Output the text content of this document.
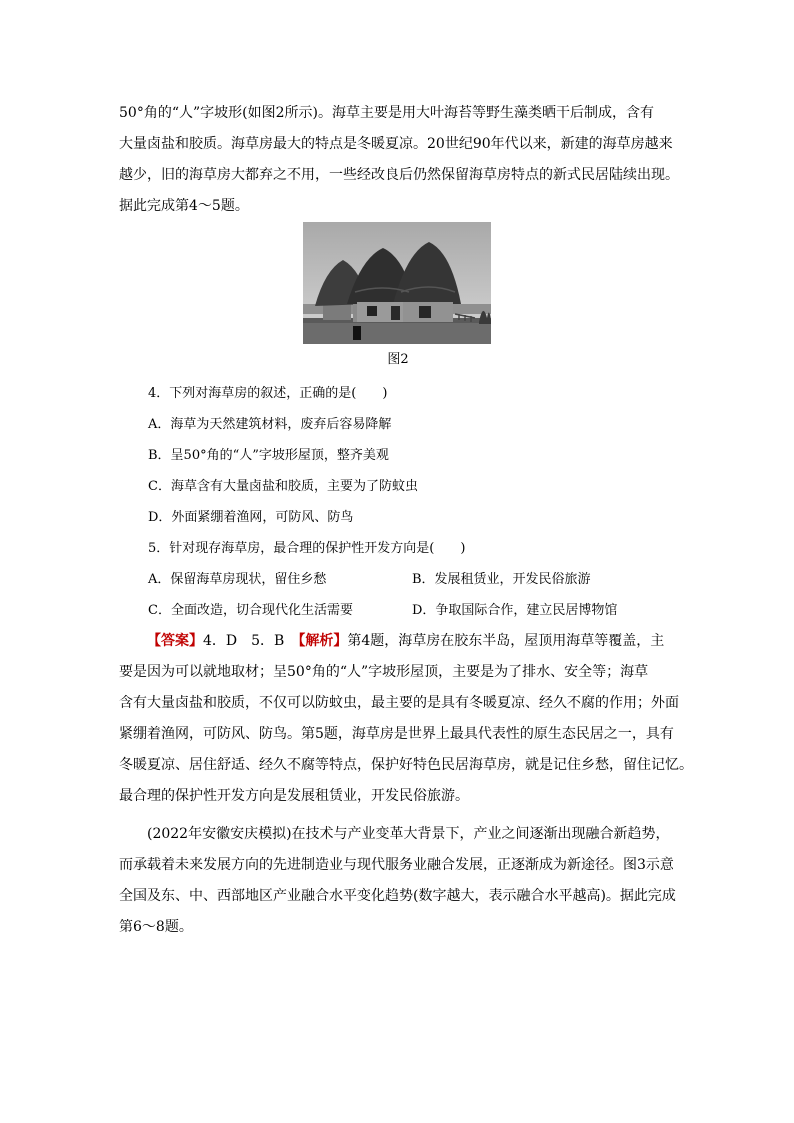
50°角的“人”字坡形(如图2所示)。海草主要是用大叶海苔等野生藻类晒干后制成，含有
大量卤盐和胶质。海草房最大的特点是冬暖夏凉。20世纪90年代以来，新建的海草房越来
越少，旧的海草房大都弃之不用，一些经改良后仍然保留海草房特点的新式民居陆续出现。
据此完成第4～5题。
图2
4．下列对海草房的叙述，正确的是(　　)
A．海草为天然建筑材料，废弃后容易降解
B．呈50°角的“人”字坡形屋顶，整齐美观
C．海草含有大量卤盐和胶质，主要为了防蚊虫
D．外面紧绷着渔网，可防风、防鸟
5．针对现存海草房，最合理的保护性开发方向是(　　)
A．保留海草房现状，留住乡愁	B．发展租赁业，开发民俗旅游
C．全面改造，切合现代化生活需要	D．争取国际合作，建立民居博物馆
【答案】4．D　5．B　 【解析】第4题，海草房在胶东半岛，屋顶用海草等覆盖，主
要是因为可以就地取材；呈50°角的“人”字坡形屋顶，主要是为了排水、安全等；海草
含有大量卤盐和胶质，不仅可以防蚊虫，最主要的是具有冬暖夏凉、经久不腐的作用；外面
紧绷着渔网，可防风、防鸟。第5题，海草房是世界上最具代表性的原生态民居之一，具有
冬暖夏凉、居住舒适、经久不腐等特点，保护好特色民居海草房，就是记住乡愁，留住记忆。
最合理的保护性开发方向是发展租赁业，开发民俗旅游。
(2022年安徽安庆模拟)在技术与产业变革大背景下，产业之间逐渐出现融合新趋势，
而承载着未来发展方向的先进制造业与现代服务业融合发展，正逐渐成为新途径。图3示意
全国及东、中、西部地区产业融合水平变化趋势(数字越大，表示融合水平越高)。据此完成
第6～8题。
